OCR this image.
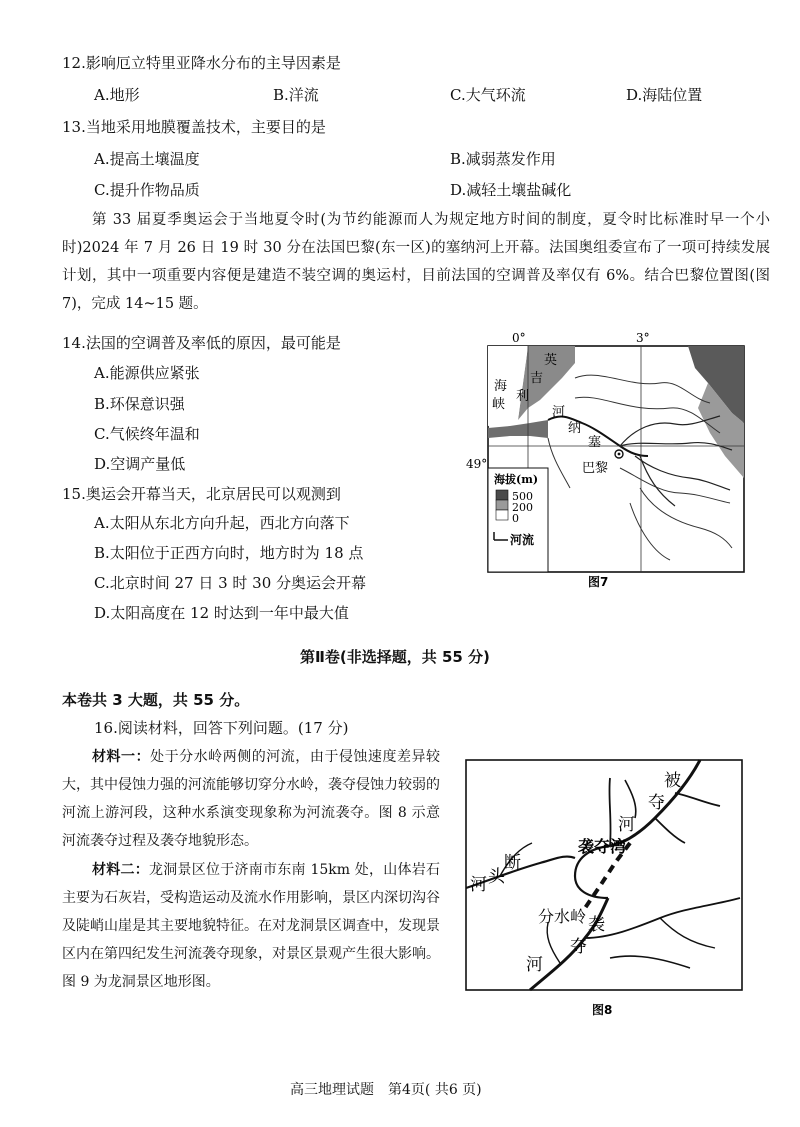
12.影响厄立特里亚降水分布的主导因素是
A.地形	B.洋流	C.大气环流	D.海陆位置
13.当地采用地膜覆盖技术，主要目的是
A.提高土壤温度	B.减弱蒸发作用
C.提升作物品质	D.减轻土壤盐碱化
第 33 届夏季奥运会于当地夏令时(为节约能源而人为规定地方时间的制度，夏令时比标准时早一个小时)2024 年 7 月 26 日 19 时 30 分在法国巴黎(东一区)的塞纳河上开幕。法国奥组委宣布了一项可持续发展计划，其中一项重要内容便是建造不装空调的奥运村，目前法国的空调普及率仅有 6%。结合巴黎位置图(图 7)，完成 14~15 题。
14.法国的空调普及率低的原因，最可能是
A.能源供应紧张
B.环保意识强
C.气候终年温和
D.空调产量低
15.奥运会开幕当天，北京居民可以观测到
A.太阳从东北方向升起，西北方向落下
B.太阳位于正西方向时，地方时为 18 点
C.北京时间 27 日 3 时 30 分奥运会开幕
D.太阳高度在 12 时达到一年中最大值
0°	3°
49°
英
吉
利
海
峡
河
纳
塞
巴黎
海拔(m)
500
200
0
河流
图7
第Ⅱ卷(非选择题，共 55 分)
本卷共 3 大题，共 55 分。
16.阅读材料，回答下列问题。(17 分)
材料一：处于分水岭两侧的河流，由于侵蚀速度差异较大，其中侵蚀力强的河流能够切穿分水岭，袭夺侵蚀力较弱的河流上游河段，这种水系演变现象称为河流袭夺。图 8 示意河流袭夺过程及袭夺地貌形态。
材料二：龙洞景区位于济南市东南 15km 处，山体岩石主要为石灰岩，受构造运动及流水作用影响，景区内深切沟谷及陡峭山崖是其主要地貌特征。在对龙洞景区调查中，发现景区内在第四纪发生河流袭夺现象，对景区景观产生很大影响。图 9 为龙洞景区地形图。
被
夺
河
袭夺湾
断
头
河
分水岭 袭
夺
河
图8
高三地理试题　第4页( 共6 页)
